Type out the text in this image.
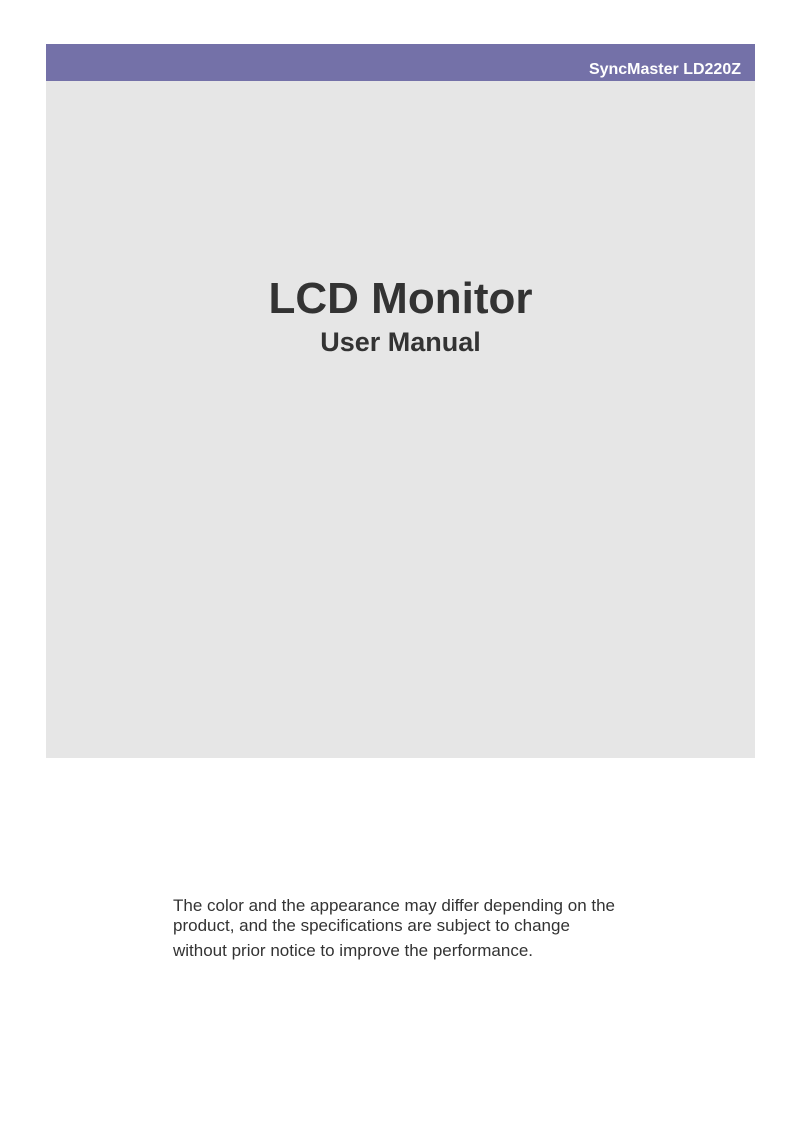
SyncMaster LD220Z
LCD Monitor
User Manual
The color and the appearance may differ depending on the
product, and the specifications are subject to change
without prior notice to improve the performance.
